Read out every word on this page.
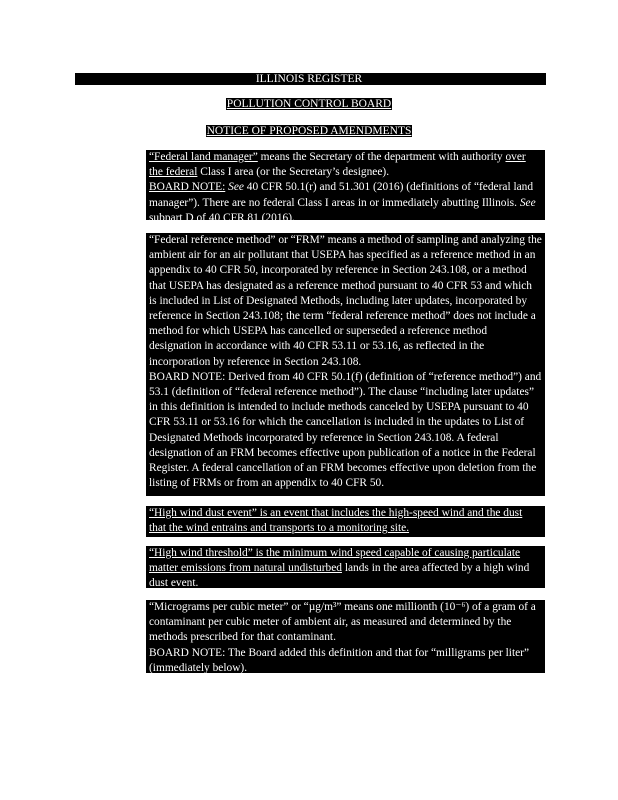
ILLINOIS REGISTER
POLLUTION CONTROL BOARD
NOTICE OF PROPOSED AMENDMENTS

“Federal land manager” means the Secretary of the department with authority over the federal Class I area (or the Secretary’s designee).

BOARD NOTE: See 40 CFR 50.1(r) and 51.301 (2016) (definitions of “federal land manager”). There are no federal Class I areas in or immediately abutting Illinois. See subpart D of 40 CFR 81 (2016).

“Federal reference method” or “FRM” means a method of sampling and analyzing the ambient air for an air pollutant that USEPA has specified as a reference method in an appendix to 40 CFR 50, incorporated by reference in Section 243.108, or a method that USEPA has designated as a reference method pursuant to 40 CFR 53 and which is included in List of Designated Methods, including later updates, incorporated by reference in Section 243.108; the term “federal reference method” does not include a method for which USEPA has cancelled or superseded a reference method designation in accordance with 40 CFR 53.11 or 53.16, as reflected in the incorporation by reference in Section 243.108.

BOARD NOTE: Derived from 40 CFR 50.1(f) (definition of “reference method”) and 53.1 (definition of “federal reference method”). The clause “including later updates” in this definition is intended to include methods canceled by USEPA pursuant to 40 CFR 53.11 or 53.16 for which the cancellation is included in the updates to List of Designated Methods incorporated by reference in Section 243.108. A federal designation of an FRM becomes effective upon publication of a notice in the Federal Register. A federal cancellation of an FRM becomes effective upon deletion from the listing of FRMs or from an appendix to 40 CFR 50.

“High wind dust event” is an event that includes the high-speed wind and the dust that the wind entrains and transports to a monitoring site.

“High wind threshold” is the minimum wind speed capable of causing particulate matter emissions from natural undisturbed lands in the area affected by a high wind dust event.

“Micrograms per cubic meter” or “µg/m³” means one millionth (10⁻⁶) of a gram of a contaminant per cubic meter of ambient air, as measured and determined by the methods prescribed for that contaminant.

BOARD NOTE: The Board added this definition and that for “milligrams per liter” (immediately below).
